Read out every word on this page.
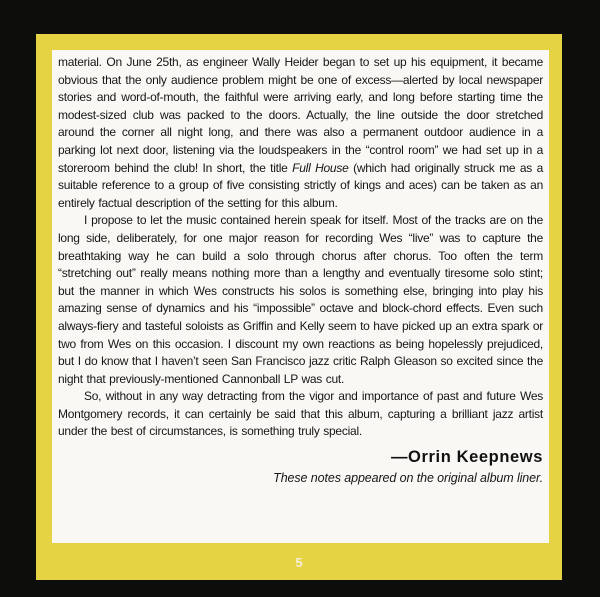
material. On June 25th, as engineer Wally Heider began to set up his equipment, it became obvious that the only audience problem might be one of excess—alerted by local newspaper stories and word-of-mouth, the faithful were arriving early, and long before starting time the modest-sized club was packed to the doors. Actually, the line outside the door stretched around the corner all night long, and there was also a permanent outdoor audience in a parking lot next door, listening via the loudspeakers in the “control room” we had set up in a storeroom behind the club! In short, the title Full House (which had originally struck me as a suitable reference to a group of five consisting strictly of kings and aces) can be taken as an entirely factual description of the setting for this album.

I propose to let the music contained herein speak for itself. Most of the tracks are on the long side, deliberately, for one major reason for recording Wes “live” was to capture the breathtaking way he can build a solo through chorus after chorus. Too often the term “stretching out” really means nothing more than a lengthy and eventually tiresome solo stint; but the manner in which Wes constructs his solos is something else, bringing into play his amazing sense of dynamics and his “impossible” octave and block-chord effects. Even such always-fiery and tasteful soloists as Griffin and Kelly seem to have picked up an extra spark or two from Wes on this occasion. I discount my own reactions as being hopelessly prejudiced, but I do know that I haven’t seen San Francisco jazz critic Ralph Gleason so excited since the night that previously-mentioned Cannonball LP was cut.

So, without in any way detracting from the vigor and importance of past and future Wes Montgomery records, it can certainly be said that this album, capturing a brilliant jazz artist under the best of circumstances, is something truly special.

—Orrin Keepnews

These notes appeared on the original album liner.

5
